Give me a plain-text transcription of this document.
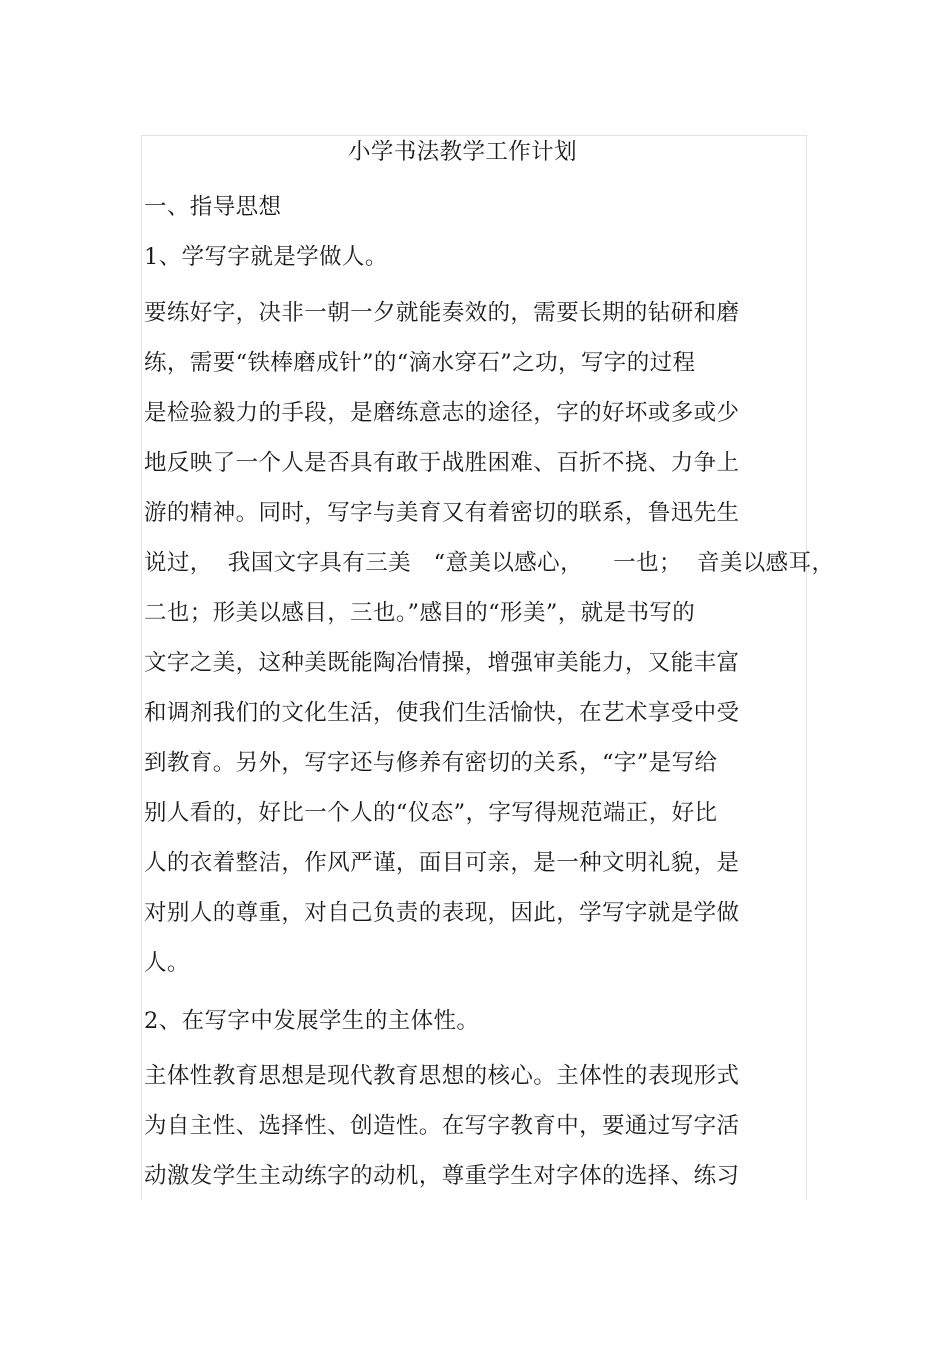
小学书法教学工作计划
一、指导思想
1、学写字就是学做人。
要练好字，决非一朝一夕就能奏效的，需要长期的钻研和磨
练，需要“铁棒磨成针”的“滴水穿石”之功，写字的过程
是检验毅力的手段，是磨练意志的途径，字的好坏或多或少
地反映了一个人是否具有敢于战胜困难、百折不挠、力争上
游的精神。同时，写字与美育又有着密切的联系，鲁迅先生
说过，  我国文字具有三美   “意美以感心，    一也；  音美以感耳，
二也；形美以感目，三也。”感目的“形美”，就是书写的
文字之美，这种美既能陶冶情操，增强审美能力，又能丰富
和调剂我们的文化生活，使我们生活愉快，在艺术享受中受
到教育。另外，写字还与修养有密切的关系，“字”是写给
别人看的，好比一个人的“仪态”，字写得规范端正，好比
人的衣着整洁，作风严谨，面目可亲，是一种文明礼貌，是
对别人的尊重，对自己负责的表现，因此，学写字就是学做
人。
2、在写字中发展学生的主体性。
主体性教育思想是现代教育思想的核心。主体性的表现形式
为自主性、选择性、创造性。在写字教育中，要通过写字活
动激发学生主动练字的动机，尊重学生对字体的选择、练习
